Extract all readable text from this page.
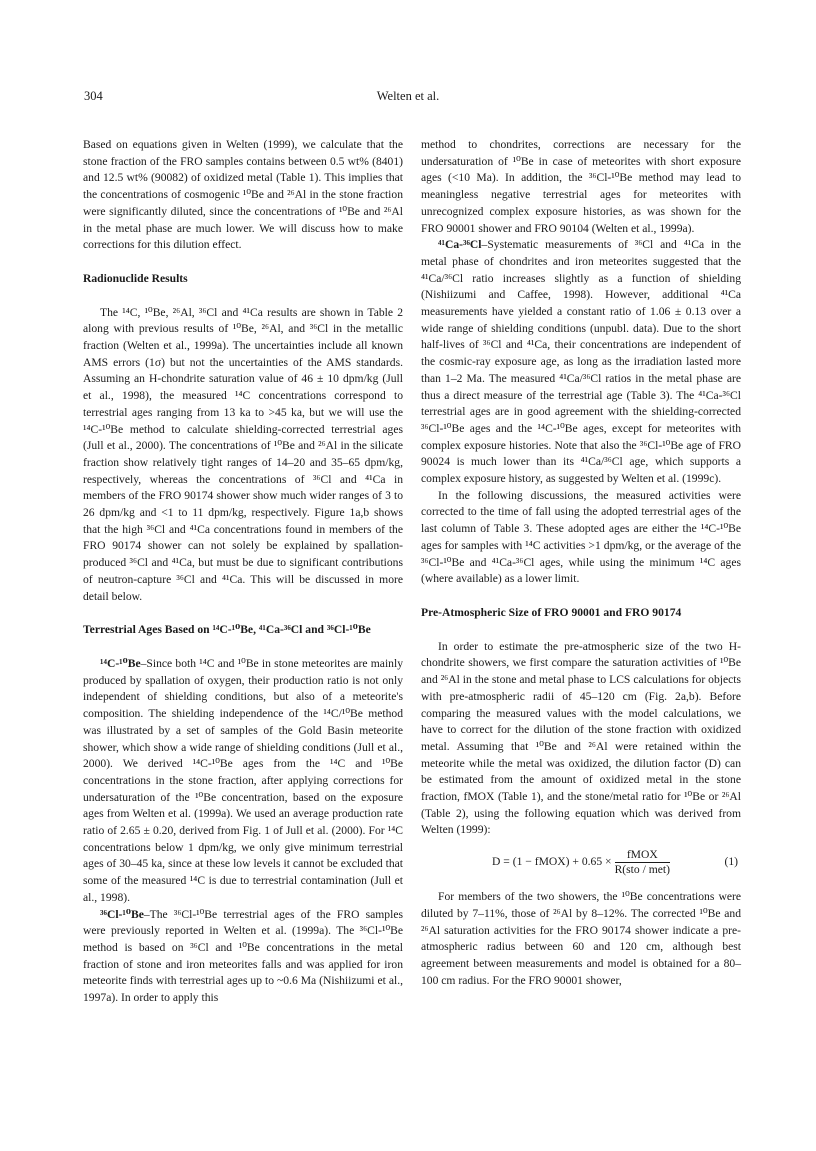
304	Welten et al.

Based on equations given in Welten (1999), we calculate that the stone fraction of the FRO samples contains between 0.5 wt% (8401) and 12.5 wt% (90082) of oxidized metal (Table 1). This implies that the concentrations of cosmogenic ¹⁰Be and ²⁶Al in the stone fraction were significantly diluted, since the concentrations of ¹⁰Be and ²⁶Al in the metal phase are much lower. We will discuss how to make corrections for this dilution effect.

Radionuclide Results

The ¹⁴C, ¹⁰Be, ²⁶Al, ³⁶Cl and ⁴¹Ca results are shown in Table 2 along with previous results of ¹⁰Be, ²⁶Al, and ³⁶Cl in the metallic fraction (Welten et al., 1999a). The uncertainties include all known AMS errors (1σ) but not the uncertainties of the AMS standards. Assuming an H-chondrite saturation value of 46 ± 10 dpm/kg (Jull et al., 1998), the measured ¹⁴C concentrations correspond to terrestrial ages ranging from 13 ka to >45 ka, but we will use the ¹⁴C-¹⁰Be method to calculate shielding-corrected terrestrial ages (Jull et al., 2000). The concentrations of ¹⁰Be and ²⁶Al in the silicate fraction show relatively tight ranges of 14–20 and 35–65 dpm/kg, respectively, whereas the concentrations of ³⁶Cl and ⁴¹Ca in members of the FRO 90174 shower show much wider ranges of 3 to 26 dpm/kg and <1 to 11 dpm/kg, respectively. Figure 1a,b shows that the high ³⁶Cl and ⁴¹Ca concentrations found in members of the FRO 90174 shower can not solely be explained by spallation-produced ³⁶Cl and ⁴¹Ca, but must be due to significant contributions of neutron-capture ³⁶Cl and ⁴¹Ca. This will be discussed in more detail below.

Terrestrial Ages Based on ¹⁴C-¹⁰Be, ⁴¹Ca-³⁶Cl and ³⁶Cl-¹⁰Be

¹⁴C-¹⁰Be–Since both ¹⁴C and ¹⁰Be in stone meteorites are mainly produced by spallation of oxygen, their production ratio is not only independent of shielding conditions, but also of a meteorite's composition. The shielding independence of the ¹⁴C/¹⁰Be method was illustrated by a set of samples of the Gold Basin meteorite shower, which show a wide range of shielding conditions (Jull et al., 2000). We derived ¹⁴C-¹⁰Be ages from the ¹⁴C and ¹⁰Be concentrations in the stone fraction, after applying corrections for undersaturation of the ¹⁰Be concentration, based on the exposure ages from Welten et al. (1999a). We used an average production rate ratio of 2.65 ± 0.20, derived from Fig. 1 of Jull et al. (2000). For ¹⁴C concentrations below 1 dpm/kg, we only give minimum terrestrial ages of 30–45 ka, since at these low levels it cannot be excluded that some of the measured ¹⁴C is due to terrestrial contamination (Jull et al., 1998).

³⁶Cl-¹⁰Be–The ³⁶Cl-¹⁰Be terrestrial ages of the FRO samples were previously reported in Welten et al. (1999a). The ³⁶Cl-¹⁰Be method is based on ³⁶Cl and ¹⁰Be concentrations in the metal fraction of stone and iron meteorites falls and was applied for iron meteorite finds with terrestrial ages up to ~0.6 Ma (Nishiizumi et al., 1997a). In order to apply this

method to chondrites, corrections are necessary for the undersaturation of ¹⁰Be in case of meteorites with short exposure ages (<10 Ma). In addition, the ³⁶Cl-¹⁰Be method may lead to meaningless negative terrestrial ages for meteorites with unrecognized complex exposure histories, as was shown for the FRO 90001 shower and FRO 90104 (Welten et al., 1999a).

⁴¹Ca-³⁶Cl–Systematic measurements of ³⁶Cl and ⁴¹Ca in the metal phase of chondrites and iron meteorites suggested that the ⁴¹Ca/³⁶Cl ratio increases slightly as a function of shielding (Nishiizumi and Caffee, 1998). However, additional ⁴¹Ca measurements have yielded a constant ratio of 1.06 ± 0.13 over a wide range of shielding conditions (unpubl. data). Due to the short half-lives of ³⁶Cl and ⁴¹Ca, their concentrations are independent of the cosmic-ray exposure age, as long as the irradiation lasted more than 1–2 Ma. The measured ⁴¹Ca/³⁶Cl ratios in the metal phase are thus a direct measure of the terrestrial age (Table 3). The ⁴¹Ca-³⁶Cl terrestrial ages are in good agreement with the shielding-corrected ³⁶Cl-¹⁰Be ages and the ¹⁴C-¹⁰Be ages, except for meteorites with complex exposure histories. Note that also the ³⁶Cl-¹⁰Be age of FRO 90024 is much lower than its ⁴¹Ca/³⁶Cl age, which supports a complex exposure history, as suggested by Welten et al. (1999c).

In the following discussions, the measured activities were corrected to the time of fall using the adopted terrestrial ages of the last column of Table 3. These adopted ages are either the ¹⁴C-¹⁰Be ages for samples with ¹⁴C activities >1 dpm/kg, or the average of the ³⁶Cl-¹⁰Be and ⁴¹Ca-³⁶Cl ages, while using the minimum ¹⁴C ages (where available) as a lower limit.

Pre-Atmospheric Size of FRO 90001 and FRO 90174

In order to estimate the pre-atmospheric size of the two H-chondrite showers, we first compare the saturation activities of ¹⁰Be and ²⁶Al in the stone and metal phase to LCS calculations for objects with pre-atmospheric radii of 45–120 cm (Fig. 2a,b). Before comparing the measured values with the model calculations, we have to correct for the dilution of the stone fraction with oxidized metal. Assuming that ¹⁰Be and ²⁶Al were retained within the meteorite while the metal was oxidized, the dilution factor (D) can be estimated from the amount of oxidized metal in the stone fraction, fMOX (Table 1), and the stone/metal ratio for ¹⁰Be or ²⁶Al (Table 2), using the following equation which was derived from Welten (1999):

D = (1 − fMOX) + $0.65 \times \frac{\text{fMOX}}{\text{R(sto / met)}}$	(1)

For members of the two showers, the ¹⁰Be concentrations were diluted by 7–11%, those of ²⁶Al by 8–12%. The corrected ¹⁰Be and ²⁶Al saturation activities for the FRO 90174 shower indicate a pre-atmospheric radius between 60 and 120 cm, although best agreement between measurements and model is obtained for a 80–100 cm radius. For the FRO 90001 shower,
